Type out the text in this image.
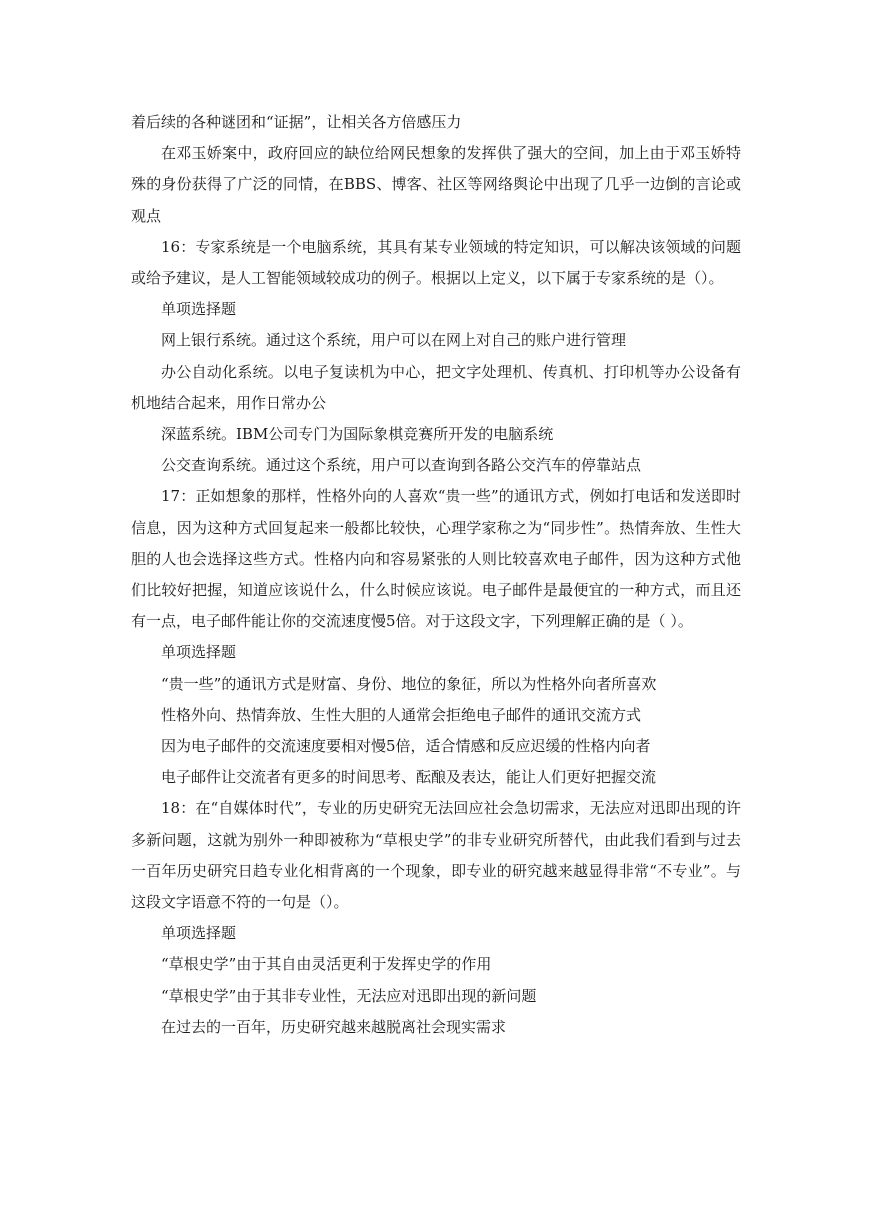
着后续的各种谜团和“证据”，让相关各方倍感压力

在邓玉娇案中，政府回应的缺位给网民想象的发挥供了强大的空间，加上由于邓玉娇特殊的身份获得了广泛的同情，在BBS、博客、社区等网络舆论中出现了几乎一边倒的言论或观点

16：专家系统是一个电脑系统，其具有某专业领域的特定知识，可以解决该领域的问题或给予建议，是人工智能领域较成功的例子。根据以上定义，以下属于专家系统的是（）。

单项选择题

网上银行系统。通过这个系统，用户可以在网上对自己的账户进行管理

办公自动化系统。以电子复读机为中心，把文字处理机、传真机、打印机等办公设备有机地结合起来，用作日常办公

深蓝系统。IBM公司专门为国际象棋竞赛所开发的电脑系统

公交查询系统。通过这个系统，用户可以查询到各路公交汽车的停靠站点

17：正如想象的那样，性格外向的人喜欢“贵一些”的通讯方式，例如打电话和发送即时信息，因为这种方式回复起来一般都比较快，心理学家称之为“同步性”。热情奔放、生性大胆的人也会选择这些方式。性格内向和容易紧张的人则比较喜欢电子邮件，因为这种方式他们比较好把握，知道应该说什么，什么时候应该说。电子邮件是最便宜的一种方式，而且还有一点，电子邮件能让你的交流速度慢5倍。对于这段文字，下列理解正确的是（ ）。

单项选择题

“贵一些”的通讯方式是财富、身份、地位的象征，所以为性格外向者所喜欢

性格外向、热情奔放、生性大胆的人通常会拒绝电子邮件的通讯交流方式

因为电子邮件的交流速度要相对慢5倍，适合情感和反应迟缓的性格内向者

电子邮件让交流者有更多的时间思考、酝酿及表达，能让人们更好把握交流

18：在“自媒体时代”，专业的历史研究无法回应社会急切需求，无法应对迅即出现的许多新问题，这就为别外一种即被称为“草根史学”的非专业研究所替代，由此我们看到与过去一百年历史研究日趋专业化相背离的一个现象，即专业的研究越来越显得非常“不专业”。与这段文字语意不符的一句是（）。

单项选择题

“草根史学”由于其自由灵活更利于发挥史学的作用

“草根史学”由于其非专业性，无法应对迅即出现的新问题

在过去的一百年，历史研究越来越脱离社会现实需求
